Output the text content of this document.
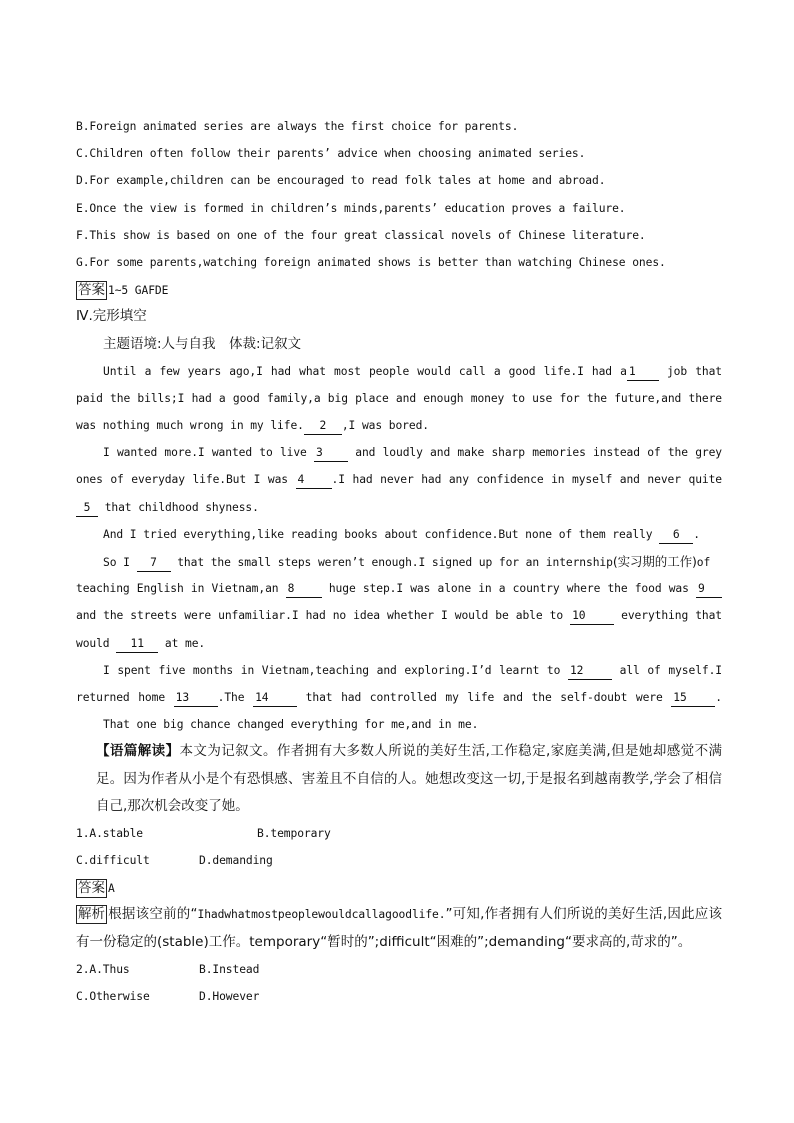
B.Foreign animated series are always the first choice for parents.
C.Children often follow their parents’ advice when choosing animated series.
D.For example,children can be encouraged to read folk tales at home and abroad.
E.Once the view is formed in children’s minds,parents’ education proves a failure.
F.This show is based on one of the four great classical novels of Chinese literature.
G.For some parents,watching foreign animated shows is better than watching Chinese ones.
答案 1~5 GAFDE
Ⅳ.完形填空
主题语境:人与自我　体裁:记叙文
Until a few years ago,I had what most people would call a good life.I had a 1	job that
paid the bills;I had a good family,a big place and enough money to use for the future,and there
was nothing much wrong in my life. 2 ,I was bored.
I wanted more.I wanted to live 3	and loudly and make sharp memories instead of the grey
ones of everyday life.But I was 4 .I had never had any confidence in myself and never quite
5 that childhood shyness.
And I tried everything,like reading books about confidence.But none of them really 6 .
So I 7 that the small steps weren’t enough.I signed up for an internship(实习期的工作)of
teaching English in Vietnam,an 8	huge step.I was alone in a country where the food was 9
and the streets were unfamiliar.I had no idea whether I would be able to 10	everything that
would 11 at me.
I spent five months in Vietnam,teaching and exploring.I’d learnt to 12	all of myself.I
returned home 13	.The 14	that had controlled my life and the self-doubt were 15	.
That one big chance changed everything for me,and in me.
【语篇解读】本文为记叙文。作者拥有大多数人所说的美好生活,工作稳定,家庭美满,但是她却感觉不满足。因为作者从小是个有恐惧感、害羞且不自信的人。她想改变这一切,于是报名到越南教学,学会了相信自己,那次机会改变了她。
1.A.stable	B.temporary
C.difficult	D.demanding
答案 A
解析 根据该空前的“Ihadwhatmostpeoplewouldcallagoodlife.”可知,作者拥有人们所说的美好生活,因此应该有一份稳定的(stable)工作。temporary“暂时的”;difficult“困难的”;demanding“要求高的,苛求的”。
2.A.Thus	B.Instead
C.Otherwise	D.However
